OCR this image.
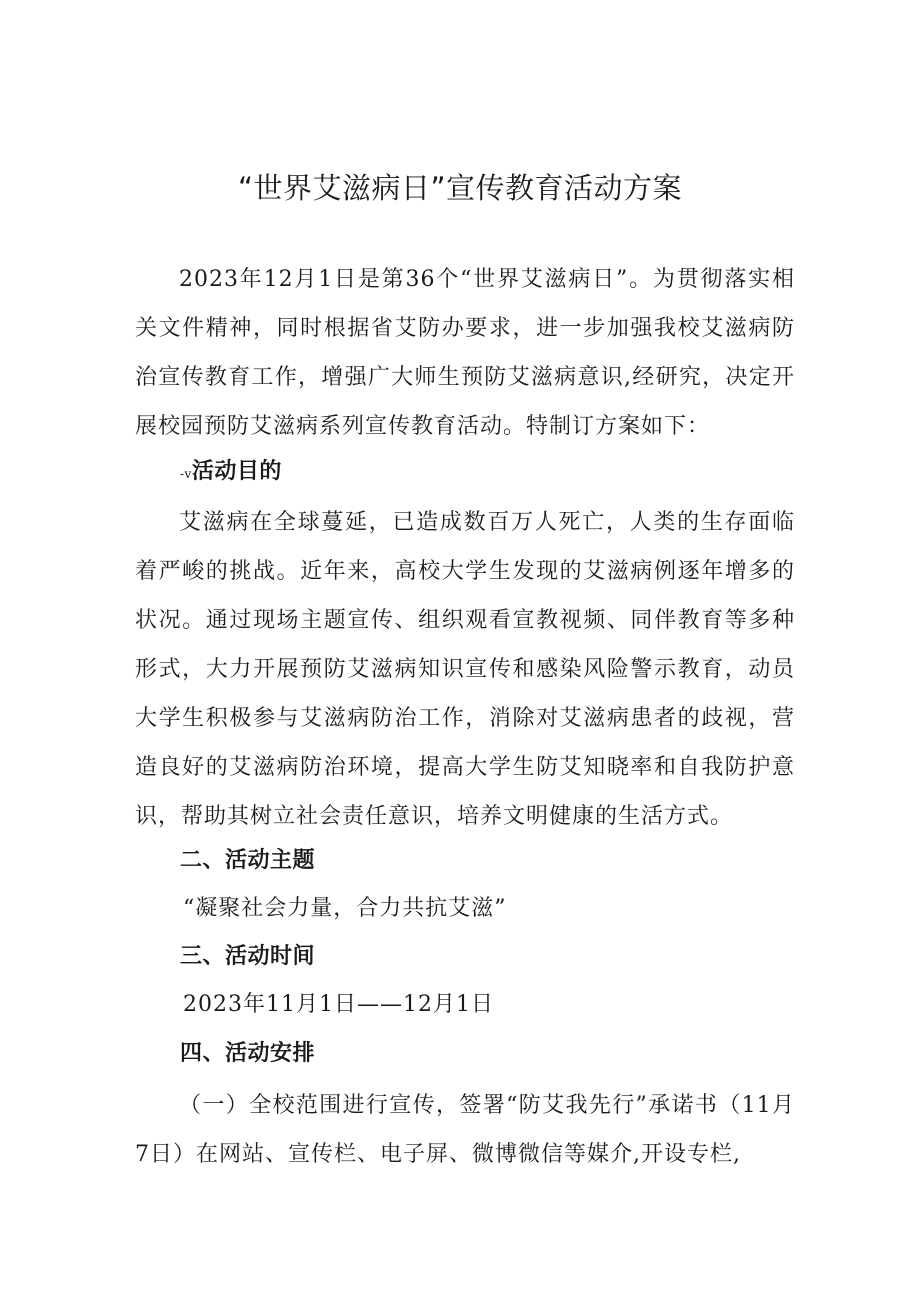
“世界艾滋病日”宣传教育活动方案

2023年12月1日是第36个“世界艾滋病日”。为贯彻落实相关文件精神，同时根据省艾防办要求，进一步加强我校艾滋病防治宣传教育工作，增强广大师生预防艾滋病意识,经研究，决定开展校园预防艾滋病系列宣传教育活动。特制订方案如下：

-v活动目的

艾滋病在全球蔓延，已造成数百万人死亡，人类的生存面临着严峻的挑战。近年来，高校大学生发现的艾滋病例逐年增多的状况。通过现场主题宣传、组织观看宣教视频、同伴教育等多种形式，大力开展预防艾滋病知识宣传和感染风险警示教育，动员大学生积极参与艾滋病防治工作，消除对艾滋病患者的歧视，营造良好的艾滋病防治环境，提高大学生防艾知晓率和自我防护意识，帮助其树立社会责任意识，培养文明健康的生活方式。

二、活动主题

“凝聚社会力量，合力共抗艾滋”

三、活动时间

2023年11月1日——12月1日

四、活动安排

（一）全校范围进行宣传，签署“防艾我先行”承诺书（11月7日）在网站、宣传栏、电子屏、微博微信等媒介,开设专栏,
